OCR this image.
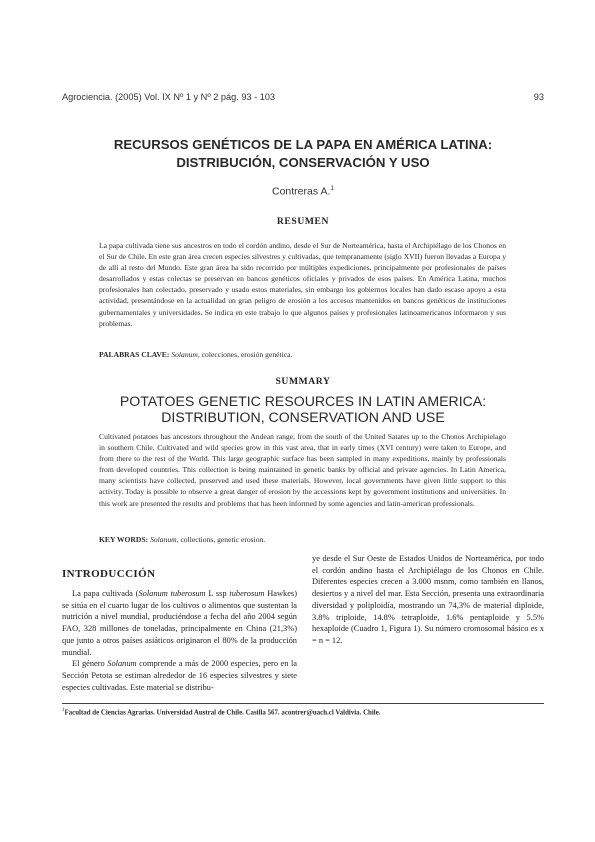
Agrociencia. (2005) Vol. IX Nº 1 y Nº 2 pág. 93 - 103	93
RECURSOS GENÉTICOS DE LA PAPA EN AMÉRICA LATINA:
DISTRIBUCIÓN, CONSERVACIÓN Y USO
Contreras A.$^1$
RESUMEN
La papa cultivada tiene sus ancestros en todo el cordón andino, desde el Sur de Norteamérica, hasta el Archipiélago de los Chonos en el Sur de Chile. En este gran área crecen especies silvestres y cultivadas, que tempranamente (siglo XVII) fueron llevadas a Europa y de allí al resto del Mundo. Este gran área ha sido recorrido por múltiples expediciones, principalmente por profesionales de países desarrollados y estas colectas se preservan en bancos genéticos oficiales y privados de esos países. En América Latina, muchos profesionales han colectado, preservado y usado estos materiales, sin embargo los gobiernos locales han dado escaso apoyo a esta actividad, presentándose en la actualidad un gran peligro de erosión a los accesos mantenidos en bancos genéticos de instituciones gubernamentales y universidades. Se indica en este trabajo lo que algunos países y profesionales latinoamericanos informaron y sus problemas.
PALABRAS CLAVE: Solanum, colecciones, erosión genética.
SUMMARY
POTATOES GENETIC RESOURCES IN LATIN AMERICA:
DISTRIBUTION, CONSERVATION AND USE
Cultivated potatoes has ancestors throughout the Andean range, from the south of the United Satates up to the Chonos Archipielago in southern Chile. Cultivated and wild species grow in this vast area, that in early times (XVI century) were taken to Europe, and from there to the rest of the World. This large geographic surface has been sampled in many expeditions, mainly by professionals from developed countries. This collection is being maintained in genetic banks by official and private agencies. In Latin America, many scientists have collected, preserved and used these materials. However, local governments have given little support to this activity. Today is possible to observe a great danger of erosion by the accessions kept by government institutions and universities. In this work are presented the results and problems that has been informed by some agencies and latin-american professionals.
KEY WORDS: Solanum, collections, genetic erosion.
INTRODUCCIÓN

La papa cultivada (Solanum tuberosum L ssp tuberosum Hawkes) se sitúa en el cuarto lugar de los cultivos o alimentos que sustentan la nutrición a nivel mundial, produciéndose a fecha del año 2004 según FAO, 328 millones de toneladas, principalmente en China (21,3%) que junto a otros países asiáticos originaron el 80% de la producción mundial.

El género Solanum comprende a más de 2000 especies, pero en la Sección Petota se estiman alrededor de 16 especies silvestres y siete especies cultivadas. Este material se distribu-

ye desde el Sur Oeste de Estados Unidos de Norteamérica, por todo el cordón andino hasta el Archipiélago de los Chonos en Chile. Diferentes especies crecen a 3.000 msnm, como también en llanos, desiertos y a nivel del mar. Esta Sección, presenta una extraordinaria diversidad y poliploidía, mostrando un 74,3% de material diploide, 3.8% triploide, 14.8% tetraploide, 1.6% pentaploide y 5.5% hexaploide (Cuadro 1, Figura 1). Su número cromosomal básico es x = n = 12.

$^1$Facultad de Ciencias Agrarias. Universidad Austral de Chile. Casilla 567. acontrer@uach.cl Valdivia. Chile.
